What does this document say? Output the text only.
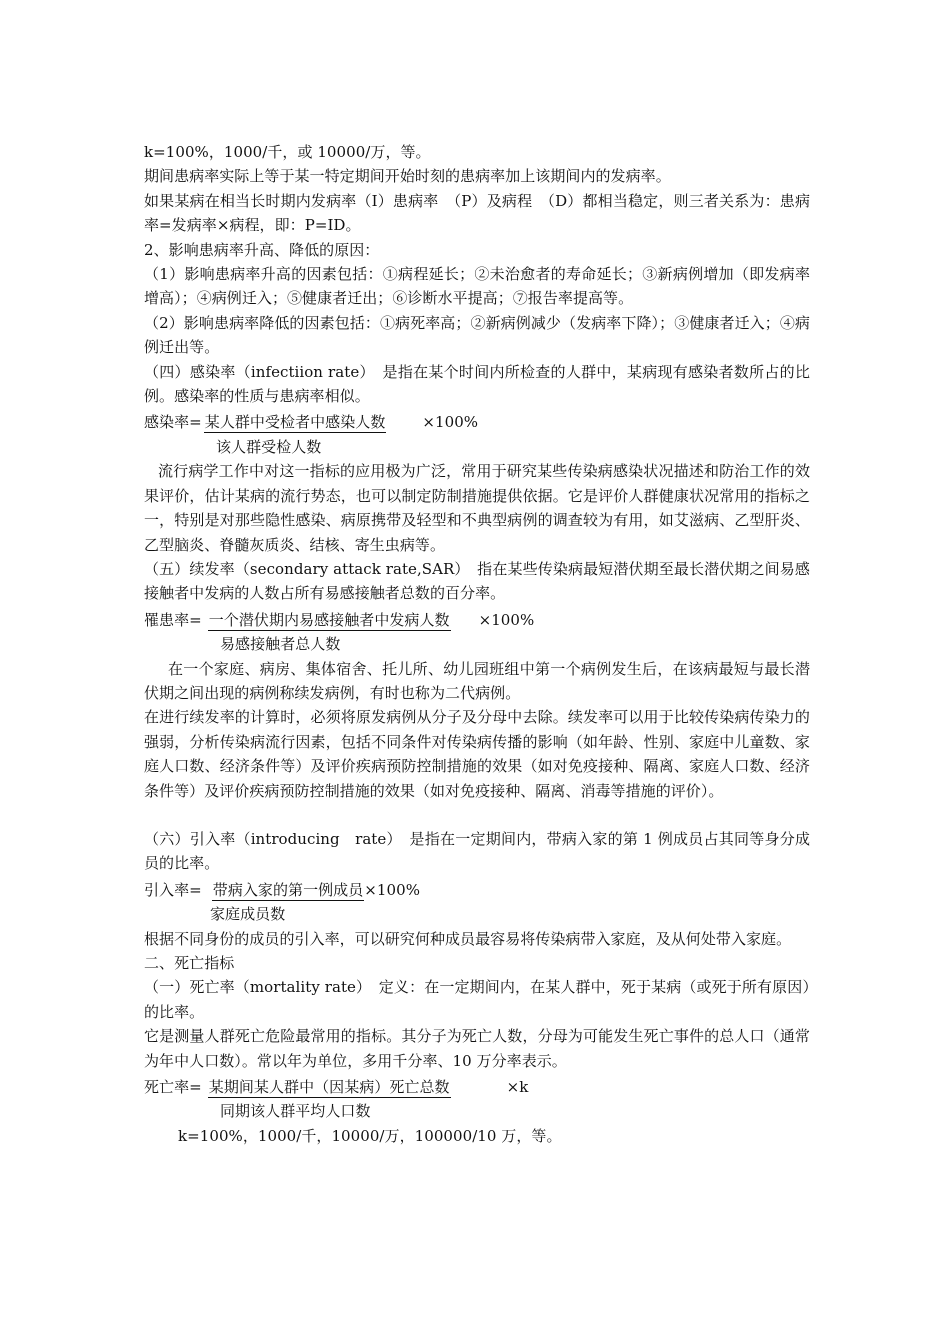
k=100%，1000/千，或 10000/万，等。

期间患病率实际上等于某一特定期间开始时刻的患病率加上该期间内的发病率。

如果某病在相当长时期内发病率（I）患病率　（P）及病程　（D）都相当稳定，则三者关系为：患病率=发病率×病程，即：P=ID。

2、影响患病率升高、降低的原因：

（1）影响患病率升高的因素包括：①病程延长；②未治愈者的寿命延长；③新病例增加（即发病率增高）；④病例迁入；⑤健康者迁出；⑥诊断水平提高；⑦报告率提高等。

（2）影响患病率降低的因素包括：①病死率高；②新病例减少（发病率下降）；③健康者迁入；④病例迁出等。

（四）感染率（infectiion rate）　是指在某个时间内所检查的人群中，某病现有感染者数所占的比例。感染率的性质与患病率相似。

感染率= 某人群中受检者中感染人数 ×100%

该人群受检人数

流行病学工作中对这一指标的应用极为广泛，常用于研究某些传染病感染状况描述和防治工作的效果评价，估计某病的流行势态，也可以制定防制措施提供依据。它是评价人群健康状况常用的指标之一，特别是对那些隐性感染、病原携带及轻型和不典型病例的调查较为有用，如艾滋病、乙型肝炎、乙型脑炎、脊髓灰质炎、结核、寄生虫病等。

（五）续发率（secondary attack rate,SAR）　指在某些传染病最短潜伏期至最长潜伏期之间易感接触者中发病的人数占所有易感接触者总数的百分率。

罹患率= 一个潜伏期内易感接触者中发病人数 ×100%

易感接触者总人数

在一个家庭、病房、集体宿舍、托儿所、幼儿园班组中第一个病例发生后，在该病最短与最长潜伏期之间出现的病例称续发病例，有时也称为二代病例。

在进行续发率的计算时，必须将原发病例从分子及分母中去除。续发率可以用于比较传染病传染力的强弱，分析传染病流行因素，包括不同条件对传染病传播的影响（如年龄、性别、家庭中儿童数、家庭人口数、经济条件等）及评价疾病预防控制措施的效果（如对免疫接种、隔离、家庭人口数、经济条件等）及评价疾病预防控制措施的效果（如对免疫接种、隔离、消毒等措施的评价）。

（六）引入率（introducing　rate）　是指在一定期间内，带病入家的第 1 例成员占其同等身分成员的比率。

引入率= 带病入家的第一例成员×100%

家庭成员数

根据不同身份的成员的引入率，可以研究何种成员最容易将传染病带入家庭，及从何处带入家庭。

二、死亡指标

（一）死亡率（mortality rate）　定义：在一定期间内，在某人群中，死于某病（或死于所有原因）的比率。

它是测量人群死亡危险最常用的指标。其分子为死亡人数，分母为可能发生死亡事件的总人口（通常为年中人口数）。常以年为单位，多用千分率、10 万分率表示。

死亡率= 某期间某人群中（因某病）死亡总数	×k

同期该人群平均人口数

k=100%，1000/千，10000/万，100000/10 万，等。
